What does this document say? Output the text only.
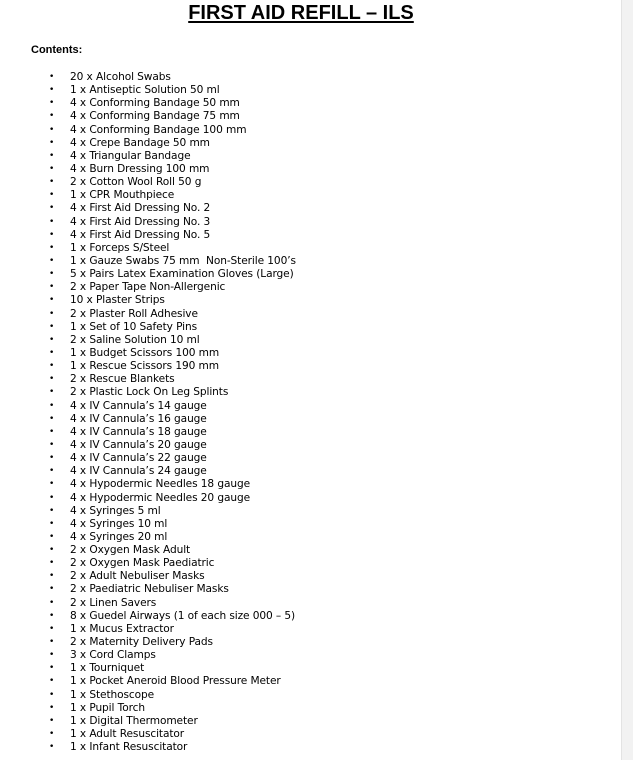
FIRST AID REFILL – ILS

Contents:

• 20 x Alcohol Swabs
• 1 x Antiseptic Solution 50 ml
• 4 x Conforming Bandage 50 mm
• 4 x Conforming Bandage 75 mm
• 4 x Conforming Bandage 100 mm
• 4 x Crepe Bandage 50 mm
• 4 x Triangular Bandage
• 4 x Burn Dressing 100 mm
• 2 x Cotton Wool Roll 50 g
• 1 x CPR Mouthpiece
• 4 x First Aid Dressing No. 2
• 4 x First Aid Dressing No. 3
• 4 x First Aid Dressing No. 5
• 1 x Forceps S/Steel
• 1 x Gauze Swabs 75 mm  Non-Sterile 100’s
• 5 x Pairs Latex Examination Gloves (Large)
• 2 x Paper Tape Non-Allergenic
• 10 x Plaster Strips
• 2 x Plaster Roll Adhesive
• 1 x Set of 10 Safety Pins
• 2 x Saline Solution 10 ml
• 1 x Budget Scissors 100 mm
• 1 x Rescue Scissors 190 mm
• 2 x Rescue Blankets
• 2 x Plastic Lock On Leg Splints
• 4 x IV Cannula’s 14 gauge
• 4 x IV Cannula’s 16 gauge
• 4 x IV Cannula’s 18 gauge
• 4 x IV Cannula’s 20 gauge
• 4 x IV Cannula’s 22 gauge
• 4 x IV Cannula’s 24 gauge
• 4 x Hypodermic Needles 18 gauge
• 4 x Hypodermic Needles 20 gauge
• 4 x Syringes 5 ml
• 4 x Syringes 10 ml
• 4 x Syringes 20 ml
• 2 x Oxygen Mask Adult
• 2 x Oxygen Mask Paediatric
• 2 x Adult Nebuliser Masks
• 2 x Paediatric Nebuliser Masks
• 2 x Linen Savers
• 8 x Guedel Airways (1 of each size 000 – 5)
• 1 x Mucus Extractor
• 2 x Maternity Delivery Pads
• 3 x Cord Clamps
• 1 x Tourniquet
• 1 x Pocket Aneroid Blood Pressure Meter
• 1 x Stethoscope
• 1 x Pupil Torch
• 1 x Digital Thermometer
• 1 x Adult Resuscitator
• 1 x Infant Resuscitator
